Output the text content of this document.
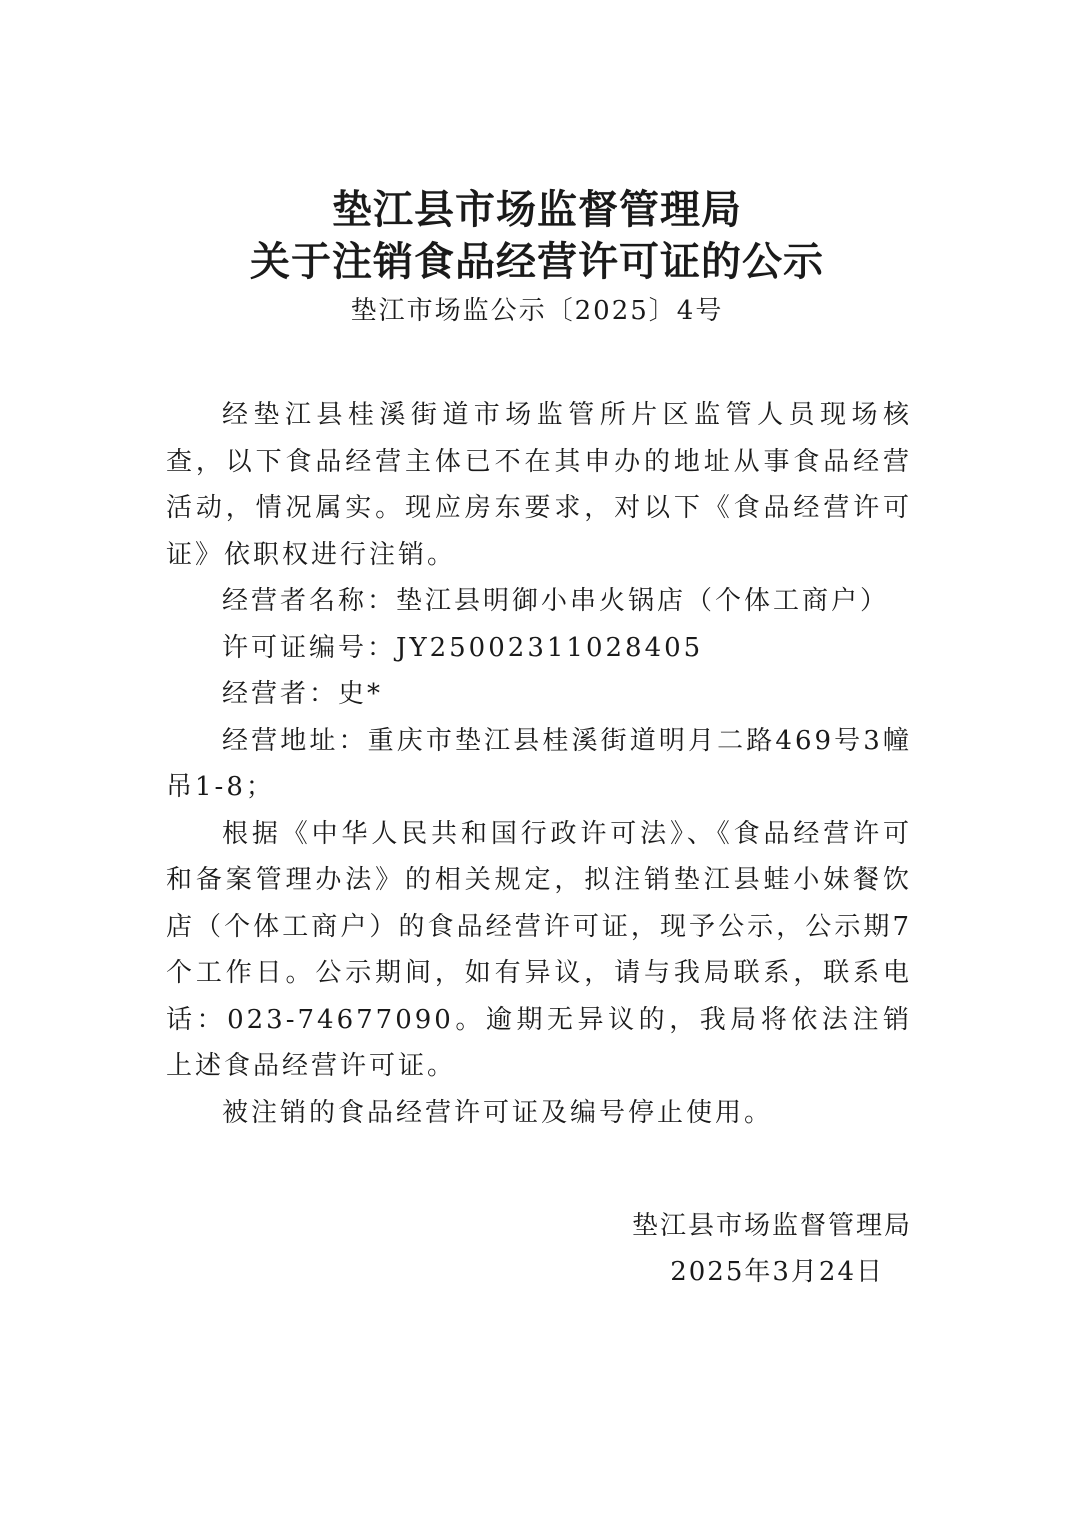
垫江县市场监督管理局
关于注销食品经营许可证的公示
垫江市场监公示〔2025〕4号

经垫江县桂溪街道市场监管所片区监管人员现场核查，以下食品经营主体已不在其申办的地址从事食品经营活动，情况属实。现应房东要求，对以下《食品经营许可证》依职权进行注销。

经营者名称： 垫江县明御小串火锅店（个体工商户）

许可证编号： JY25002311028405

经营者： 史*

经营地址：重庆市垫江县桂溪街道明月二路469号3幢吊1-8；

根据《中华人民共和国行政许可法》、《食品经营许可和备案管理办法》的相关规定，拟注销垫江县蛙小妹餐饮店（个体工商户）的食品经营许可证，现予公示，公示期7个工作日。公示期间，如有异议，请与我局联系，联系电话：023-74677090。逾期无异议的，我局将依法注销上述食品经营许可证。

被注销的食品经营许可证及编号停止使用。

垫江县市场监督管理局
2025年3月24日
